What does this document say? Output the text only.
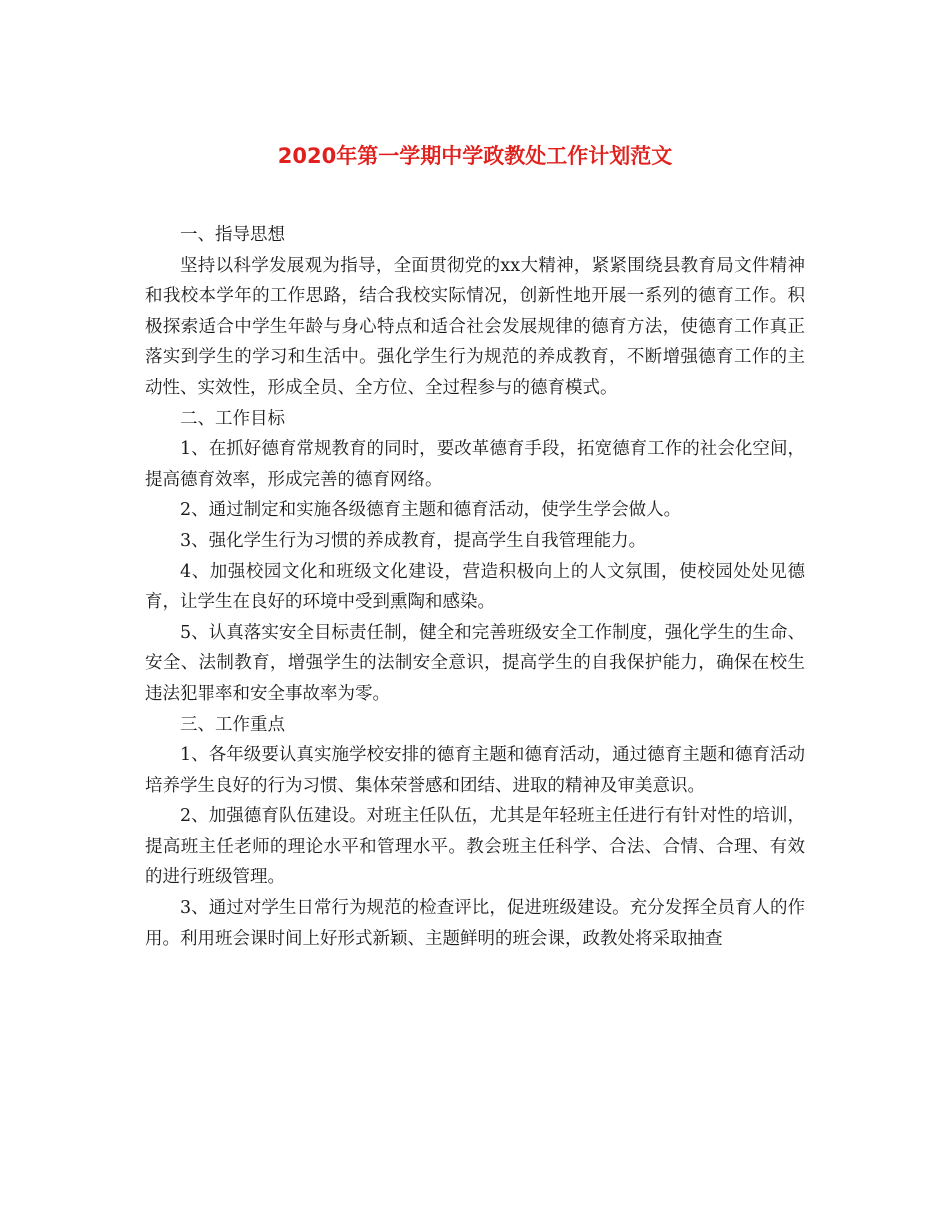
2020年第一学期中学政教处工作计划范文

一、指导思想

坚持以科学发展观为指导，全面贯彻党的xx大精神，紧紧围绕县教育局文件精神和我校本学年的工作思路，结合我校实际情况，创新性地开展一系列的德育工作。积极探索适合中学生年龄与身心特点和适合社会发展规律的德育方法，使德育工作真正落实到学生的学习和生活中。强化学生行为规范的养成教育，不断增强德育工作的主动性、实效性，形成全员、全方位、全过程参与的德育模式。

二、工作目标

1、在抓好德育常规教育的同时，要改革德育手段，拓宽德育工作的社会化空间，提高德育效率，形成完善的德育网络。

2、通过制定和实施各级德育主题和德育活动，使学生学会做人。

3、强化学生行为习惯的养成教育，提高学生自我管理能力。

4、加强校园文化和班级文化建设，营造积极向上的人文氛围，使校园处处见德育，让学生在良好的环境中受到熏陶和感染。

5、认真落实安全目标责任制，健全和完善班级安全工作制度，强化学生的生命、安全、法制教育，增强学生的法制安全意识，提高学生的自我保护能力，确保在校生违法犯罪率和安全事故率为零。

三、工作重点

1、各年级要认真实施学校安排的德育主题和德育活动，通过德育主题和德育活动培养学生良好的行为习惯、集体荣誉感和团结、进取的精神及审美意识。

2、加强德育队伍建设。对班主任队伍，尤其是年轻班主任进行有针对性的培训，提高班主任老师的理论水平和管理水平。教会班主任科学、合法、合情、合理、有效的进行班级管理。

3、通过对学生日常行为规范的检查评比，促进班级建设。充分发挥全员育人的作用。利用班会课时间上好形式新颖、主题鲜明的班会课，政教处将采取抽查
